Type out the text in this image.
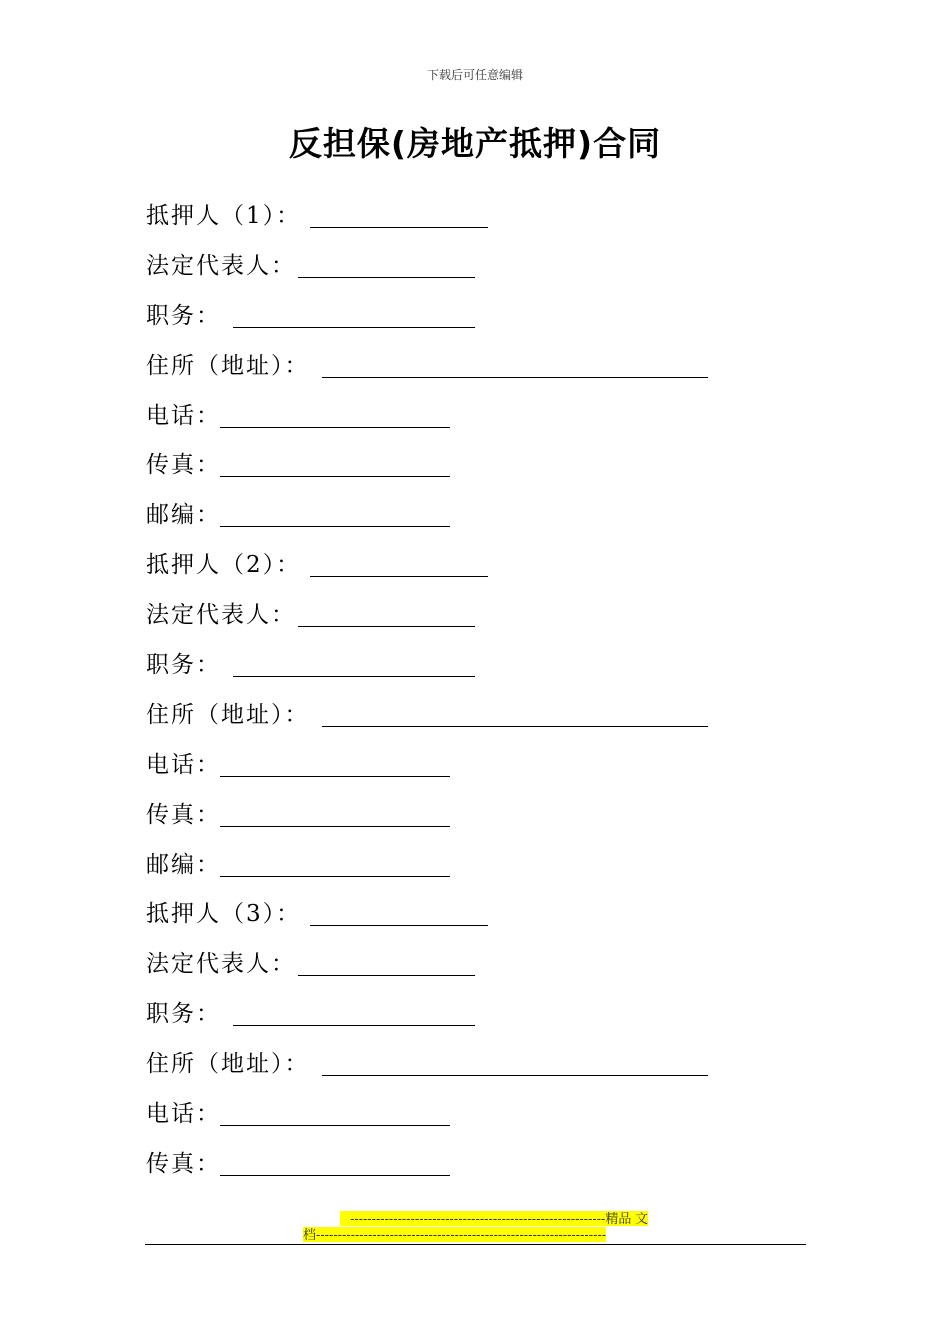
下载后可任意编辑
反担保(房地产抵押)合同
抵押人（1）：
法定代表人：
职务：
住所（地址）：
电话：
传真：
邮编：
抵押人（2）：
法定代表人：
职务：
住所（地址）：
电话：
传真：
邮编：
抵押人（3）：
法定代表人：
职务：
住所（地址）：
电话：
传真：
-----------------------------------------------------------精品 文
档-------------------------------------------------------------------
